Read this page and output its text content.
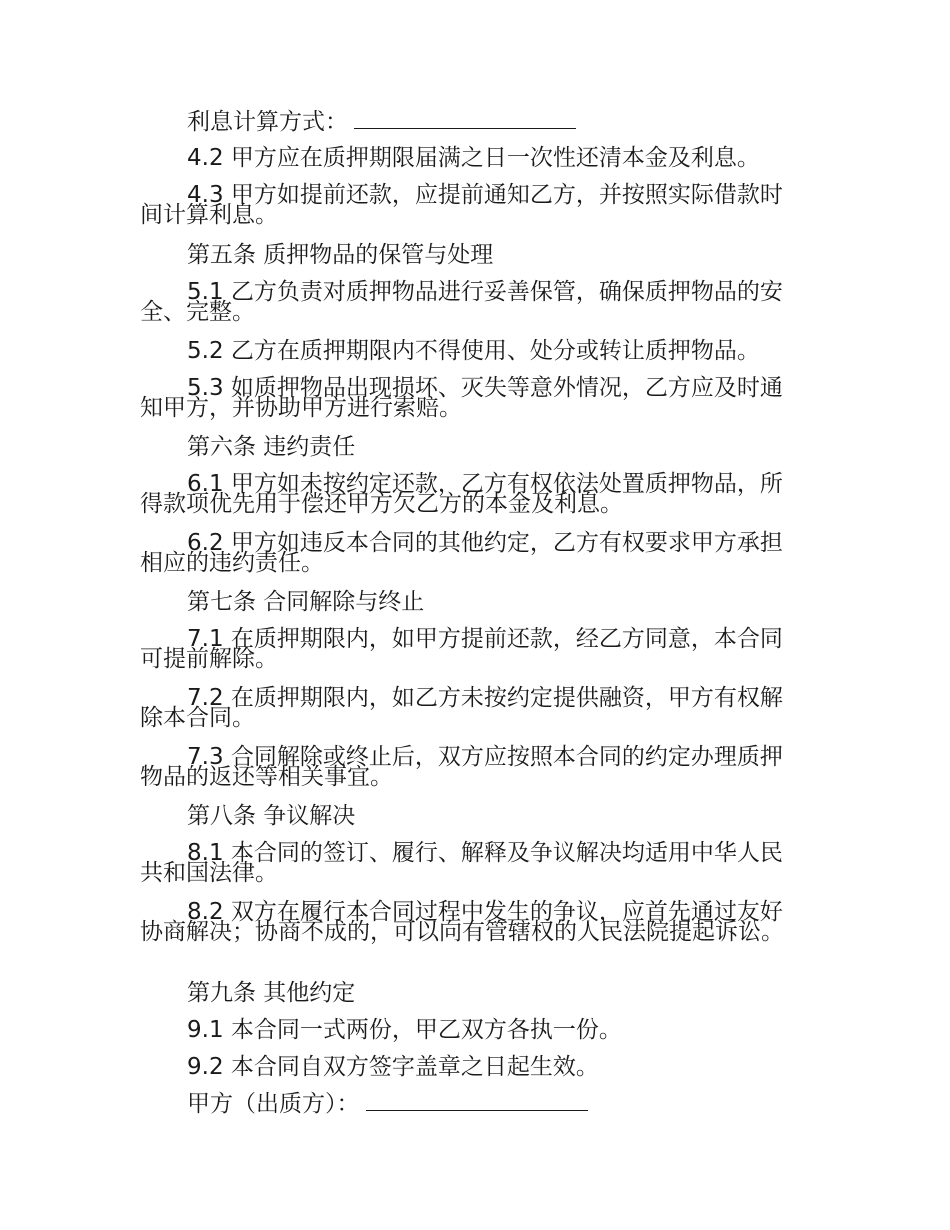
利息计算方式：
4.2 甲方应在质押期限届满之日一次性还清本金及利息。
4.3 甲方如提前还款，应提前通知乙方，并按照实际借款时间计算利息。
第五条 质押物品的保管与处理
5.1 乙方负责对质押物品进行妥善保管，确保质押物品的安全、完整。
5.2 乙方在质押期限内不得使用、处分或转让质押物品。
5.3 如质押物品出现损坏、灭失等意外情况，乙方应及时通知甲方，并协助甲方进行索赔。
第六条 违约责任
6.1 甲方如未按约定还款，乙方有权依法处置质押物品，所得款项优先用于偿还甲方欠乙方的本金及利息。
6.2 甲方如违反本合同的其他约定，乙方有权要求甲方承担相应的违约责任。
第七条 合同解除与终止
7.1 在质押期限内，如甲方提前还款，经乙方同意，本合同可提前解除。
7.2 在质押期限内，如乙方未按约定提供融资，甲方有权解除本合同。
7.3 合同解除或终止后，双方应按照本合同的约定办理质押物品的返还等相关事宜。
第八条 争议解决
8.1 本合同的签订、履行、解释及争议解决均适用中华人民共和国法律。
8.2 双方在履行本合同过程中发生的争议，应首先通过友好协商解决；协商不成的，可以向有管辖权的人民法院提起诉讼。
第九条 其他约定
9.1 本合同一式两份，甲乙双方各执一份。
9.2 本合同自双方签字盖章之日起生效。
甲方（出质方）：
